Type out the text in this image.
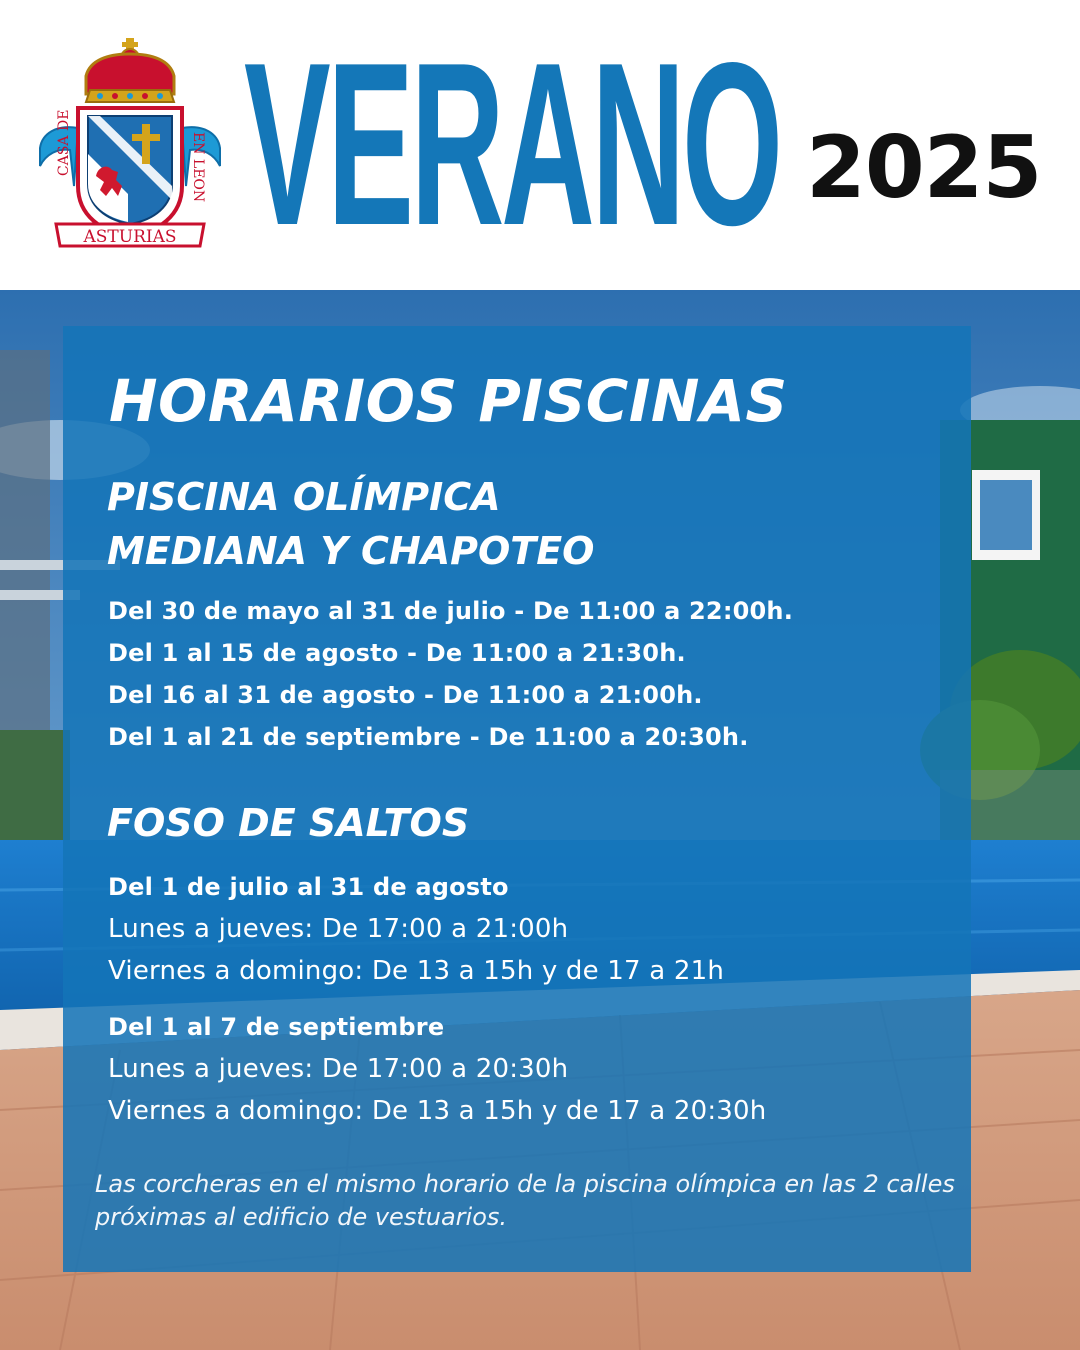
CASA DE	EN LEON
ASTURIAS VERANO 2025
HORARIOS PISCINAS
PISCINA OLÍMPICA
MEDIANA Y CHAPOTEO
Del 30 de mayo al 31 de julio - De 11:00 a 22:00h.
Del 1 al 15 de agosto - De 11:00 a 21:30h.
Del 16 al 31 de agosto - De 11:00 a 21:00h.
Del 1 al 21 de septiembre - De 11:00 a 20:30h.
FOSO DE SALTOS
Del 1 de julio al 31 de agosto
Lunes a jueves: De 17:00 a 21:00h
Viernes a domingo: De 13 a 15h y de 17 a 21h
Del 1 al 7 de septiembre
Lunes a jueves: De 17:00 a 20:30h
Viernes a domingo: De 13 a 15h y de 17 a 20:30h
Las corcheras en el mismo horario de la piscina olímpica en las 2 calles próximas al edificio de vestuarios.
